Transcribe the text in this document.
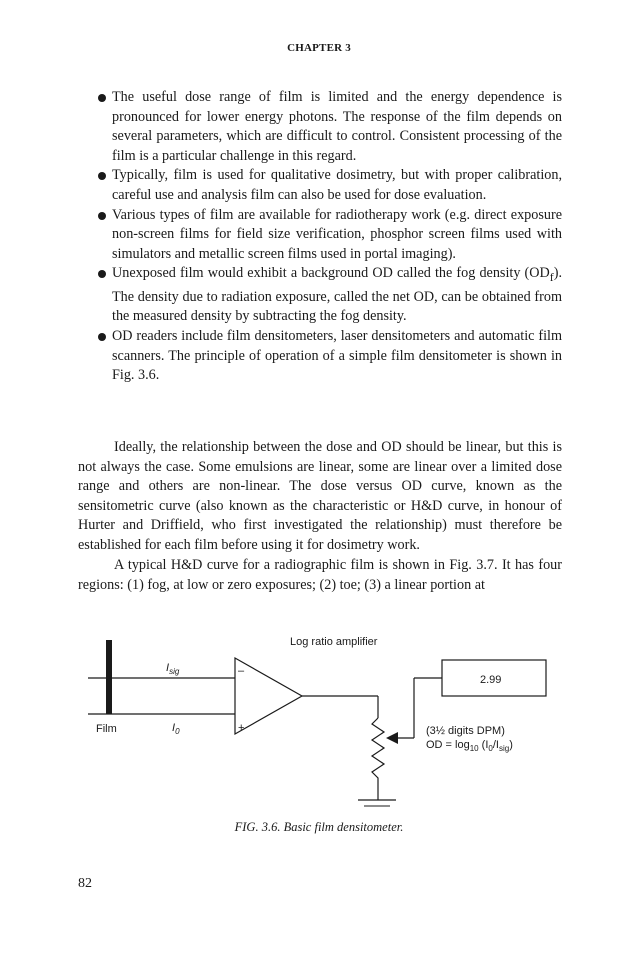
CHAPTER 3
The useful dose range of film is limited and the energy dependence is pronounced for lower energy photons. The response of the film depends on several parameters, which are difficult to control. Consistent processing of the film is a particular challenge in this regard.
Typically, film is used for qualitative dosimetry, but with proper calibration, careful use and analysis film can also be used for dose evaluation.
Various types of film are available for radiotherapy work (e.g. direct exposure non-screen films for field size verification, phosphor screen films used with simulators and metallic screen films used in portal imaging).
Unexposed film would exhibit a background OD called the fog density $(OD_f)$. The density due to radiation exposure, called the net OD, can be obtained from the measured density by subtracting the fog density.
OD readers include film densitometers, laser densitometers and automatic film scanners. The principle of operation of a simple film densitometer is shown in Fig. 3.6.

Ideally, the relationship between the dose and OD should be linear, but this is not always the case. Some emulsions are linear, some are linear over a limited dose range and others are non-linear. The dose versus OD curve, known as the sensitometric curve (also known as the characteristic or H&D curve, in honour of Hurter and Driffield, who first investigated the relationship) must therefore be established for each film before using it for dosimetry work.

A typical H&D curve for a radiographic film is shown in Fig. 3.7. It has four regions: (1) fog, at low or zero exposures; (2) toe; (3) a linear portion at

Film
$I_{sig}$
$I_0$
Log ratio amplifier
–
+
2.99
(3½ digits DPM)
OD = $\log_{10} (I_0/I_{sig})$
FIG. 3.6. Basic film densitometer.
82
